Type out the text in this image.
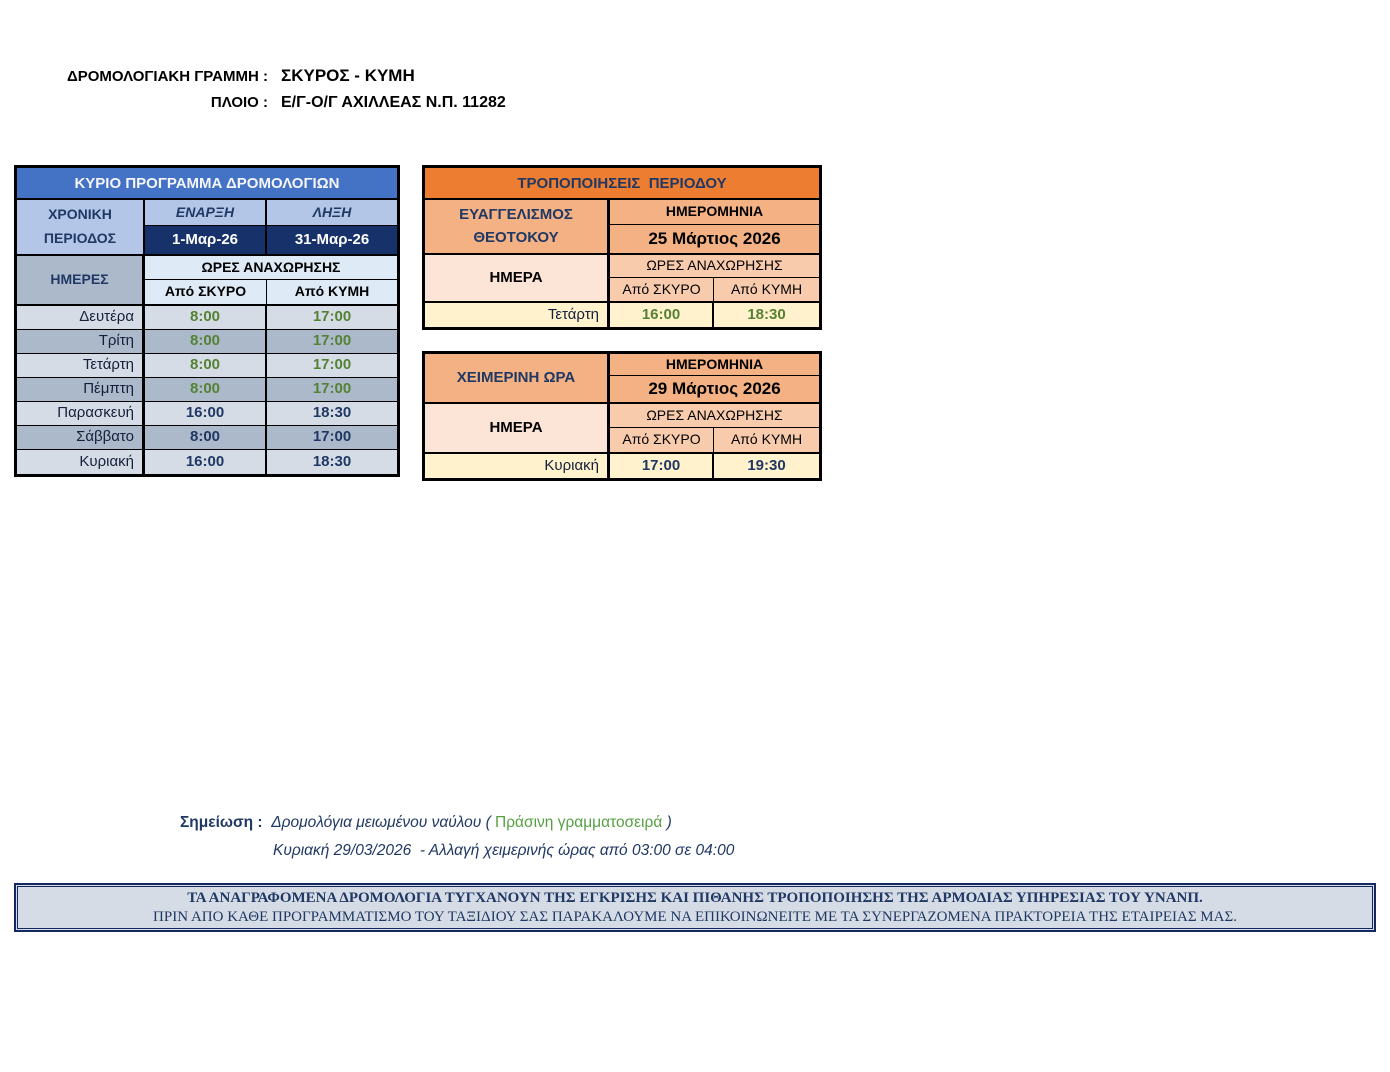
ΔΡΟΜΟΛΟΓΙΑΚΗ ΓΡΑΜΜΗ : ΣΚΥΡΟΣ - ΚΥΜΗ
ΠΛΟΙΟ : Ε/Γ-Ο/Γ ΑΧΙΛΛΕΑΣ Ν.Π. 11282
ΚΥΡΙΟ ΠΡΟΓΡΑΜΜΑ ΔΡΟΜΟΛΟΓΙΩΝ
ΧΡΟΝΙΚΗ
ΠΕΡΙΟΔΟΣ
ΕΝΑΡΞΗ	ΛΗΞΗ
1-Μαρ-26	31-Μαρ-26
ΗΜΕΡΕΣ
ΩΡΕΣ ΑΝΑΧΩΡΗΣΗΣ
Από ΣΚΥΡΟ	Από ΚΥΜΗ
Δευτέρα	8:00	17:00
Τρίτη	8:00	17:00
Τετάρτη	8:00	17:00
Πέμπτη	8:00	17:00
Παρασκευή	16:00	18:30
Σάββατο	8:00	17:00
Κυριακή	16:00	18:30
ΤΡΟΠΟΠΟΙΗΣΕΙΣ  ΠΕΡΙΟΔΟΥ
ΕΥΑΓΓΕΛΙΣΜΟΣ
ΘΕΟΤΟΚΟΥ
ΗΜΕΡΟΜΗΝΙΑ
25 Μάρτιος 2026
ΗΜΕΡΑ
ΩΡΕΣ ΑΝΑΧΩΡΗΣΗΣ
Από ΣΚΥΡΟ	Από ΚΥΜΗ
Τετάρτη	16:00	18:30
ΧΕΙΜΕΡΙΝΗ ΩΡΑ
ΗΜΕΡΟΜΗΝΙΑ
29 Μάρτιος 2026
ΗΜΕΡΑ
ΩΡΕΣ ΑΝΑΧΩΡΗΣΗΣ
Από ΣΚΥΡΟ	Από ΚΥΜΗ
Κυριακή	17:00	19:30
Σημείωση : Δρομολόγια μειωμένου ναύλου ( Πράσινη γραμματοσειρά )
Κυριακή 29/03/2026  - Αλλαγή χειμερινής ώρας από 03:00 σε 04:00
ΤΑ ΑΝΑΓΡΑΦΟΜΕΝΑ ΔΡΟΜΟΛΟΓΙΑ ΤΥΓΧΑΝΟΥΝ ΤΗΣ ΕΓΚΡΙΣΗΣ ΚΑΙ ΠΙΘΑΝΗΣ ΤΡΟΠΟΠΟΙΗΣΗΣ ΤΗΣ ΑΡΜΟΔΙΑΣ ΥΠΗΡΕΣΙΑΣ ΤΟΥ ΥΝΑΝΠ.
ΠΡΙΝ ΑΠΟ ΚΑΘΕ ΠΡΟΓΡΑΜΜΑΤΙΣΜΟ ΤΟΥ ΤΑΞΙΔΙΟΥ ΣΑΣ ΠΑΡΑΚΑΛΟΥΜΕ ΝΑ ΕΠΙΚΟΙΝΩΝΕΙΤΕ ΜΕ ΤΑ ΣΥΝΕΡΓΑΖΟΜΕΝΑ ΠΡΑΚΤΟΡΕΙΑ ΤΗΣ ΕΤΑΙΡΕΙΑΣ ΜΑΣ.
